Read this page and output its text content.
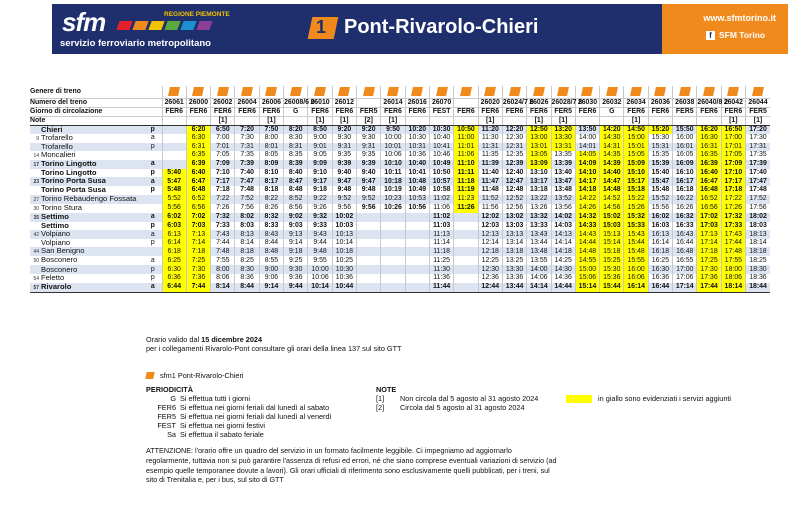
sfm	REGIONE PIEMONTE
servizio ferroviario metropolitano
1 Pont-Rivarolo-Chieri	www.sfmtorino.it
f SFM Torino
Genere di treno																										
Numero del treno		26061	26000	26002	26004	26006	26008/6 0	26010	26012		26014	26016	26070		26020	26024/7 6	26026	26028/7 8	26030	26032	26034	26036	26038	26040/8 2	26042	26044
Giorno di circolazione		FER6	FER6	FER6	FER6	FER6	G	FER6	FER6	FER5	FER6	FER6	FEST	FER6	FER6	FER6	FER6	FER5	FER6	G	FER6	FER6	FER5	FER6	FER6	FER5
Note				[1]		[1]		[1]	[1]	[2]	[1]				[1]		[1]	[1]			[1]				[1]	[1]
Chieri	p		6:20	6:50	7:20	7:50	8:20	8:50	9:20	9:20	9:50	10:20	10:30	10:50	11:20	12:20	12:50	13:20	13:50	14:20	14:50	15:20	15:50	16:20	16:50	17:20
9 Trofarello	a		6:30	7:00	7:30	8:00	8:30	9:00	9:30	9:30	10:00	10:30	10:40	11:00	11:30	12:30	13:00	13:30	14:00	14:30	15:00	15:30	16:00	16:30	17:00	17:30
Trofarello	p		6:31	7:01	7:31	8:01	8:31	9:01	9:31	9:31	10:01	10:31	10:41	11:01	11:31	12:31	13:01	13:31	14:01	14:31	15:01	15:31	16:01	16:31	17:01	17:31
14 Moncalieri			6:35	7:05	7:35	8:05	8:35	9:05	9:35	9:35	10:06	10:36	10:46	11:06	11:35	12:35	13:05	13:35	14:05	14:35	15:05	15:35	16:05	16:35	17:05	17:35
17 Torino Lingotto	a		6:39	7:09	7:39	8:09	8:39	9:09	9:39	9:39	10:10	10:40	10:49	11:10	11:39	12:39	13:09	13:39	14:09	14:39	15:09	15:39	16:09	16:39	17:09	17:39
Torino Lingotto	p	5:40	6:40	7:10	7:40	8:10	8:40	9:10	9:40	9:40	10:11	10:41	10:50	11:11	11:40	12:40	13:10	13:40	14:10	14:40	15:10	15:40	16:10	16:40	17:10	17:40
23 Torino Porta Susa	a	5:47	6:47	7:17	7:47	8:17	8:47	9:17	9:47	9:47	10:18	10:48	10:57	11:18	11:47	12:47	13:17	13:47	14:17	14:47	15:17	15:47	16:17	16:47	17:17	17:47
Torino Porta Susa	p	5:48	6:48	7:18	7:48	8:18	8:48	9:18	9:48	9:48	10:19	10:49	10:58	11:19	11:48	12:48	13:18	13:48	14:18	14:48	15:18	15:48	16:18	16:48	17:18	17:48
27 Torino Rebaudengo Fossata		5:52	6:52	7:22	7:52	8:22	8:52	9:22	9:52	9:52	10:23	10:53	11:02	11:23	11:52	12:52	13:22	13:52	14:22	14:52	15:22	15:52	16:22	16:52	17:22	17:52
30 Torino Stura		5:56	6:56	7:26	7:56	8:26	8:56	9:26	9:56	9:56	10:26	10:56	11:06	11:26	11:56	12:56	13:26	13:56	14:26	14:56	15:26	15:56	16:26	16:56	17:26	17:56
35 Settimo	a	6:02	7:02	7:32	8:02	8:32	9:02	9:32	10:02				11:02		12:02	13:02	13:32	14:02	14:32	15:02	15:32	16:02	16:32	17:02	17:32	18:02
Settimo	p	6:03	7:03	7:33	8:03	8:33	9:03	9:33	10:03				11:03		12:03	13:03	13:33	14:03	14:33	15:03	15:33	16:03	16:33	17:03	17:33	18:03
42 Volpiano	a	6:13	7:13	7:43	8:13	8:43	9:13	9:43	10:13				11:13		12:13	13:13	13:43	14:13	14:43	15:13	15:43	16:13	16:43	17:13	17:43	18:13
Volpiano	p	6:14	7:14	7:44	8:14	8:44	9:14	9:44	10:14				11:14		12:14	13:14	13:44	14:14	14:44	15:14	15:44	16:14	16:44	17:14	17:44	18:14
44 San Benigno		6:18	7:18	7:48	8:18	8:48	9:18	9:48	10:18				11:18		12:18	13:18	13:48	14:18	14:48	15:18	15:48	16:18	16:48	17:18	17:48	18:18
50 Bosconero	a	6:25	7:25	7:55	8:25	8:55	9:25	9:55	10:25				11:25		12:25	13:25	13:55	14:25	14:55	15:25	15:55	16:25	16:55	17:25	17:55	18:25
Bosconero	p	6:30	7:30	8:00	8:30	9:00	9:30	10:00	10:30				11:30		12:30	13:30	14:00	14:30	15:00	15:30	16:00	16:30	17:00	17:30	18:00	18:30
54 Feletto	p	6:36	7:36	8:06	8:36	9:06	9:36	10:06	10:36				11:36		12:36	13:36	14:06	14:36	15:06	15:36	16:06	16:36	17:06	17:36	18:06	18:36
57 Rivarolo	a	6:44	7:44	8:14	8:44	9:14	9:44	10:14	10:44				11:44		12:44	13:44	14:14	14:44	15:14	15:44	16:14	16:44	17:14	17:44	18:14	18:44
Orario valido dal 15 dicembre 2024
per i collegamenti Rivarolo-Pont consultare gli orari della linea 137 sul sito GTT
sfm1 Pont-Rivarolo-Chieri
PERIODICITÀ
G Si effettua tutti i giorni
FER6 Si effettua nei giorni feriali dal lunedì al sabato
FER5 Si effettua nei giorni feriali dal lunedì al venerdì
FEST Si effettua nei giorni festivi
Sa Si effettua il sabato feriale
NOTE
[1] Non circola dal 5 agosto al 31 agosto 2024
[2] Circola dal 5 agosto al 31 agosto 2024
in giallo sono evidenziati i servizi aggiunti
ATTENZIONE: l'orario offre un quadro del servizio in un formato facilmente leggibile. Ci impegniamo ad aggiornarlo regolarmente, tuttavia non si può garantire l'assenza di refusi ed errori, né che siano comprese eventuali variazioni di servizio (ad esempio quelle temporanee dovute a lavori). Gli orari ufficiali di riferimento sono esclusivamente quelli pubblicati, per i treni, sul sito di Trenitalia e, per i bus, sul sito di GTT
